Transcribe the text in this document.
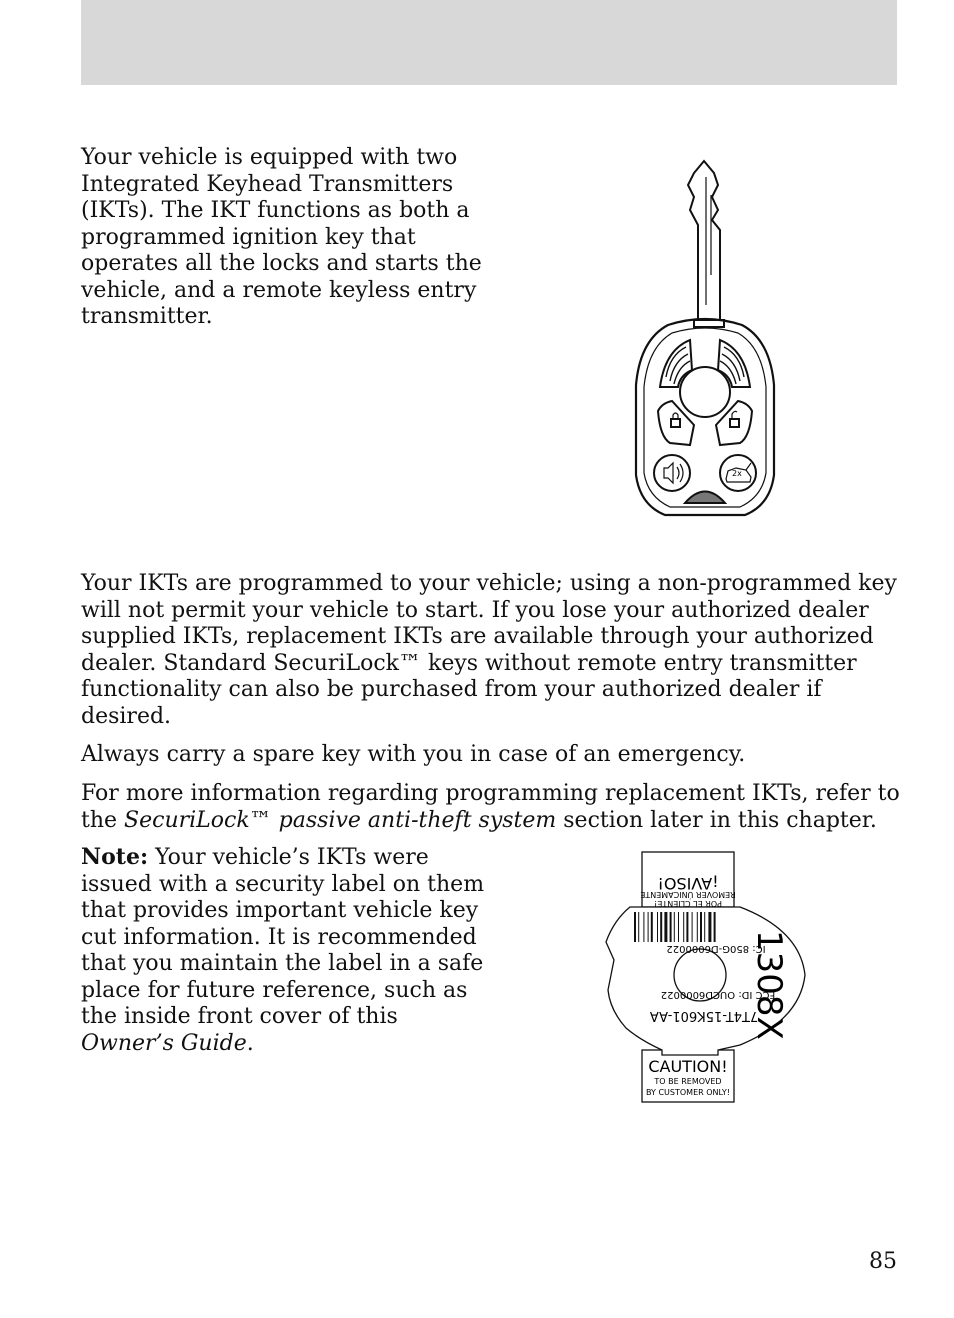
Your vehicle is equipped with two Integrated Keyhead Transmitters (IKTs). The IKT functions as both a programmed ignition key that operates all the locks and starts the vehicle, and a remote keyless entry transmitter.

2x

Your IKTs are programmed to your vehicle; using a non-programmed key will not permit your vehicle to start. If you lose your authorized dealer supplied IKTs, replacement IKTs are available through your authorized dealer. Standard SecuriLock™ keys without remote entry transmitter functionality can also be purchased from your authorized dealer if desired.

Always carry a spare key with you in case of an emergency.

For more information regarding programming replacement IKTs, refer to the SecuriLock™ passive anti-theft system section later in this chapter.

Note: Your vehicle’s IKTs were issued with a security label on them that provides important vehicle key cut information. It is recommended that you maintain the label in a safe place for future reference, such as the inside front cover of this Owner’s Guide.

REMOVER ÚNICAMENTE
POR EL CLIENTE!
¡AVISO!
IC: 850G-D6000022
FCC ID: OUCD6000022
7T4T-15K601-AA
1308X
CAUTION!
TO BE REMOVED
BY CUSTOMER ONLY!
85
